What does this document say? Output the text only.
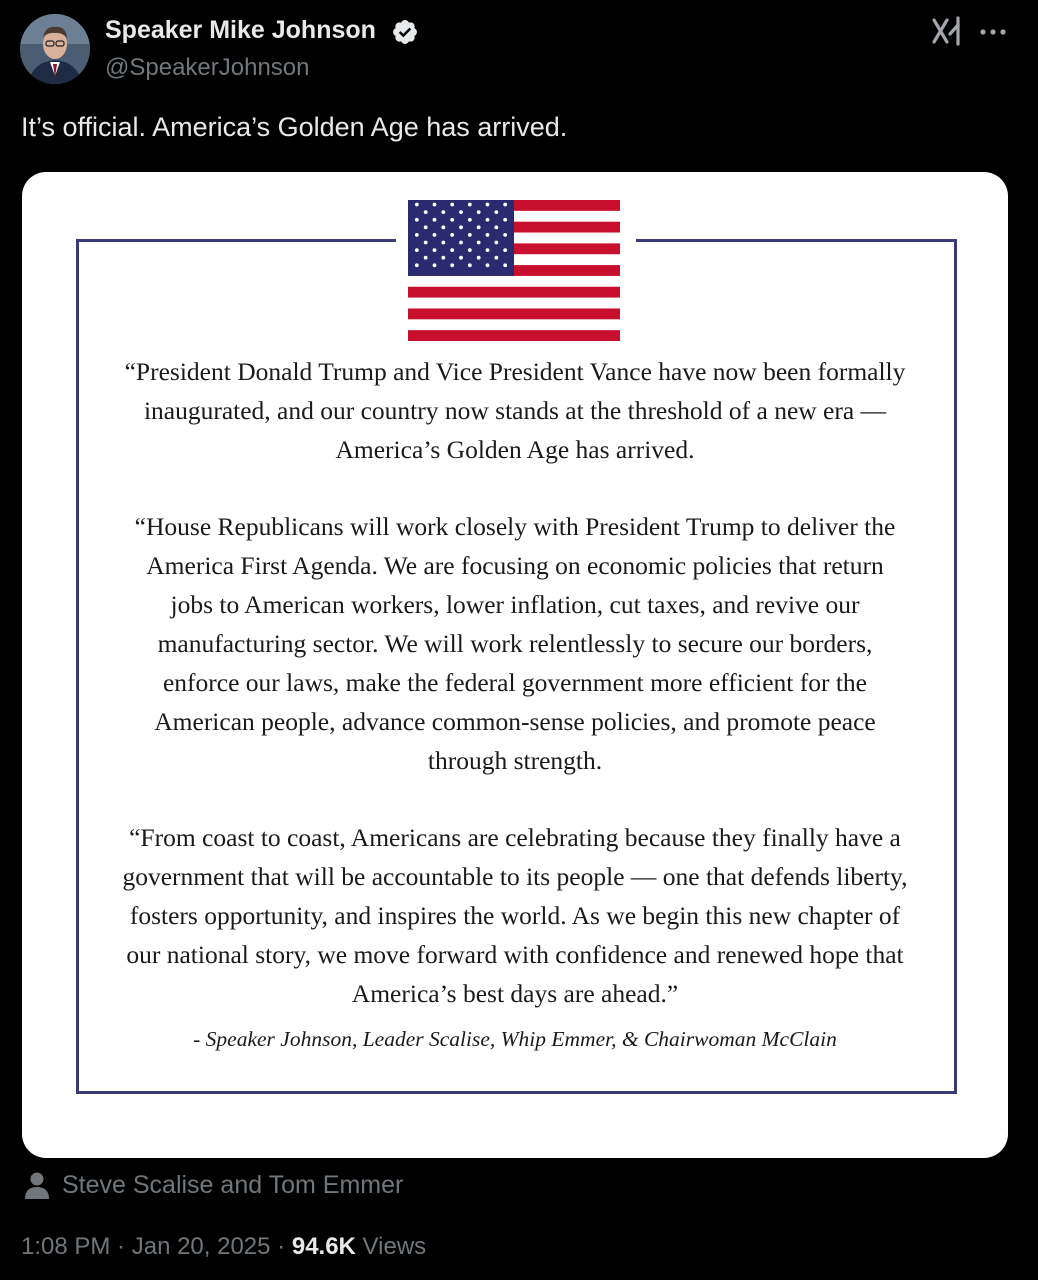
Speaker Mike Johnson
@SpeakerJohnson
It’s official. America’s Golden Age has arrived.

“President Donald Trump and Vice President Vance have now been formally inaugurated, and our country now stands at the threshold of a new era — America’s Golden Age has arrived.

“House Republicans will work closely with President Trump to deliver the America First Agenda. We are focusing on economic policies that return jobs to American workers, lower inflation, cut taxes, and revive our manufacturing sector. We will work relentlessly to secure our borders, enforce our laws, make the federal government more efficient for the American people, advance common-sense policies, and promote peace through strength.

“From coast to coast, Americans are celebrating because they finally have a government that will be accountable to its people — one that defends liberty, fosters opportunity, and inspires the world. As we begin this new chapter of our national story, we move forward with confidence and renewed hope that America’s best days are ahead.”

- Speaker Johnson, Leader Scalise, Whip Emmer, & Chairwoman McClain
Steve Scalise and Tom Emmer
1:08 PM · Jan 20, 2025 · 94.6K Views
